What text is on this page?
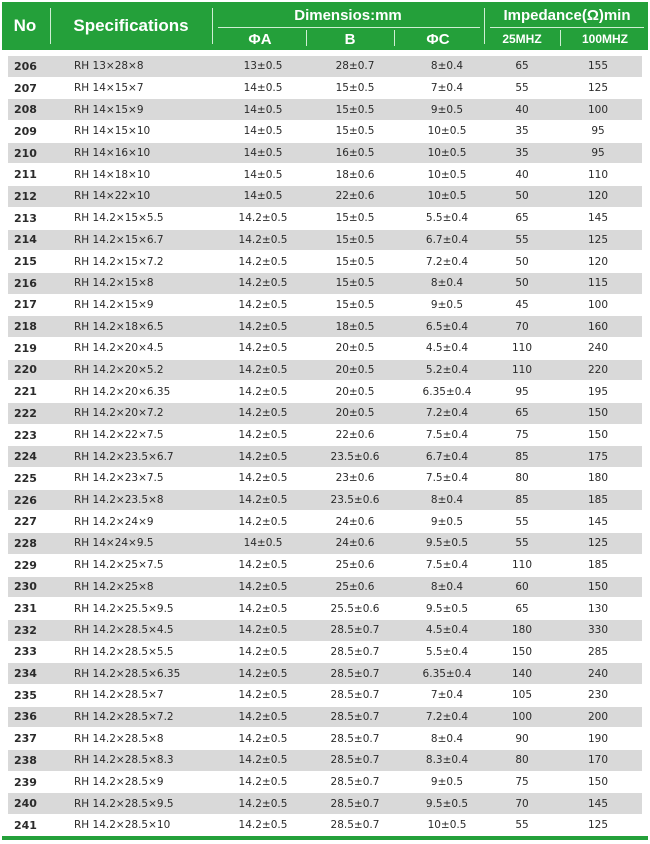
No	Specifications
Dimensios:mm
ΦA	B	ΦC
Impedance(Ω)min
25MHZ	100MHZ
206	RH 13×28×8	13±0.5	28±0.7	8±0.4	65	155
207	RH 14×15×7	14±0.5	15±0.5	7±0.4	55	125
208	RH 14×15×9	14±0.5	15±0.5	9±0.5	40	100
209	RH 14×15×10	14±0.5	15±0.5	10±0.5	35	95
210	RH 14×16×10	14±0.5	16±0.5	10±0.5	35	95
211	RH 14×18×10	14±0.5	18±0.6	10±0.5	40	110
212	RH 14×22×10	14±0.5	22±0.6	10±0.5	50	120
213	RH 14.2×15×5.5	14.2±0.5	15±0.5	5.5±0.4	65	145
214	RH 14.2×15×6.7	14.2±0.5	15±0.5	6.7±0.4	55	125
215	RH 14.2×15×7.2	14.2±0.5	15±0.5	7.2±0.4	50	120
216	RH 14.2×15×8	14.2±0.5	15±0.5	8±0.4	50	115
217	RH 14.2×15×9	14.2±0.5	15±0.5	9±0.5	45	100
218	RH 14.2×18×6.5	14.2±0.5	18±0.5	6.5±0.4	70	160
219	RH 14.2×20×4.5	14.2±0.5	20±0.5	4.5±0.4	110	240
220	RH 14.2×20×5.2	14.2±0.5	20±0.5	5.2±0.4	110	220
221	RH 14.2×20×6.35	14.2±0.5	20±0.5	6.35±0.4	95	195
222	RH 14.2×20×7.2	14.2±0.5	20±0.5	7.2±0.4	65	150
223	RH 14.2×22×7.5	14.2±0.5	22±0.6	7.5±0.4	75	150
224	RH 14.2×23.5×6.7	14.2±0.5	23.5±0.6	6.7±0.4	85	175
225	RH 14.2×23×7.5	14.2±0.5	23±0.6	7.5±0.4	80	180
226	RH 14.2×23.5×8	14.2±0.5	23.5±0.6	8±0.4	85	185
227	RH 14.2×24×9	14.2±0.5	24±0.6	9±0.5	55	145
228	RH 14×24×9.5	14±0.5	24±0.6	9.5±0.5	55	125
229	RH 14.2×25×7.5	14.2±0.5	25±0.6	7.5±0.4	110	185
230	RH 14.2×25×8	14.2±0.5	25±0.6	8±0.4	60	150
231	RH 14.2×25.5×9.5	14.2±0.5	25.5±0.6	9.5±0.5	65	130
232	RH 14.2×28.5×4.5	14.2±0.5	28.5±0.7	4.5±0.4	180	330
233	RH 14.2×28.5×5.5	14.2±0.5	28.5±0.7	5.5±0.4	150	285
234	RH 14.2×28.5×6.35	14.2±0.5	28.5±0.7	6.35±0.4	140	240
235	RH 14.2×28.5×7	14.2±0.5	28.5±0.7	7±0.4	105	230
236	RH 14.2×28.5×7.2	14.2±0.5	28.5±0.7	7.2±0.4	100	200
237	RH 14.2×28.5×8	14.2±0.5	28.5±0.7	8±0.4	90	190
238	RH 14.2×28.5×8.3	14.2±0.5	28.5±0.7	8.3±0.4	80	170
239	RH 14.2×28.5×9	14.2±0.5	28.5±0.7	9±0.5	75	150
240	RH 14.2×28.5×9.5	14.2±0.5	28.5±0.7	9.5±0.5	70	145
241	RH 14.2×28.5×10	14.2±0.5	28.5±0.7	10±0.5	55	125
